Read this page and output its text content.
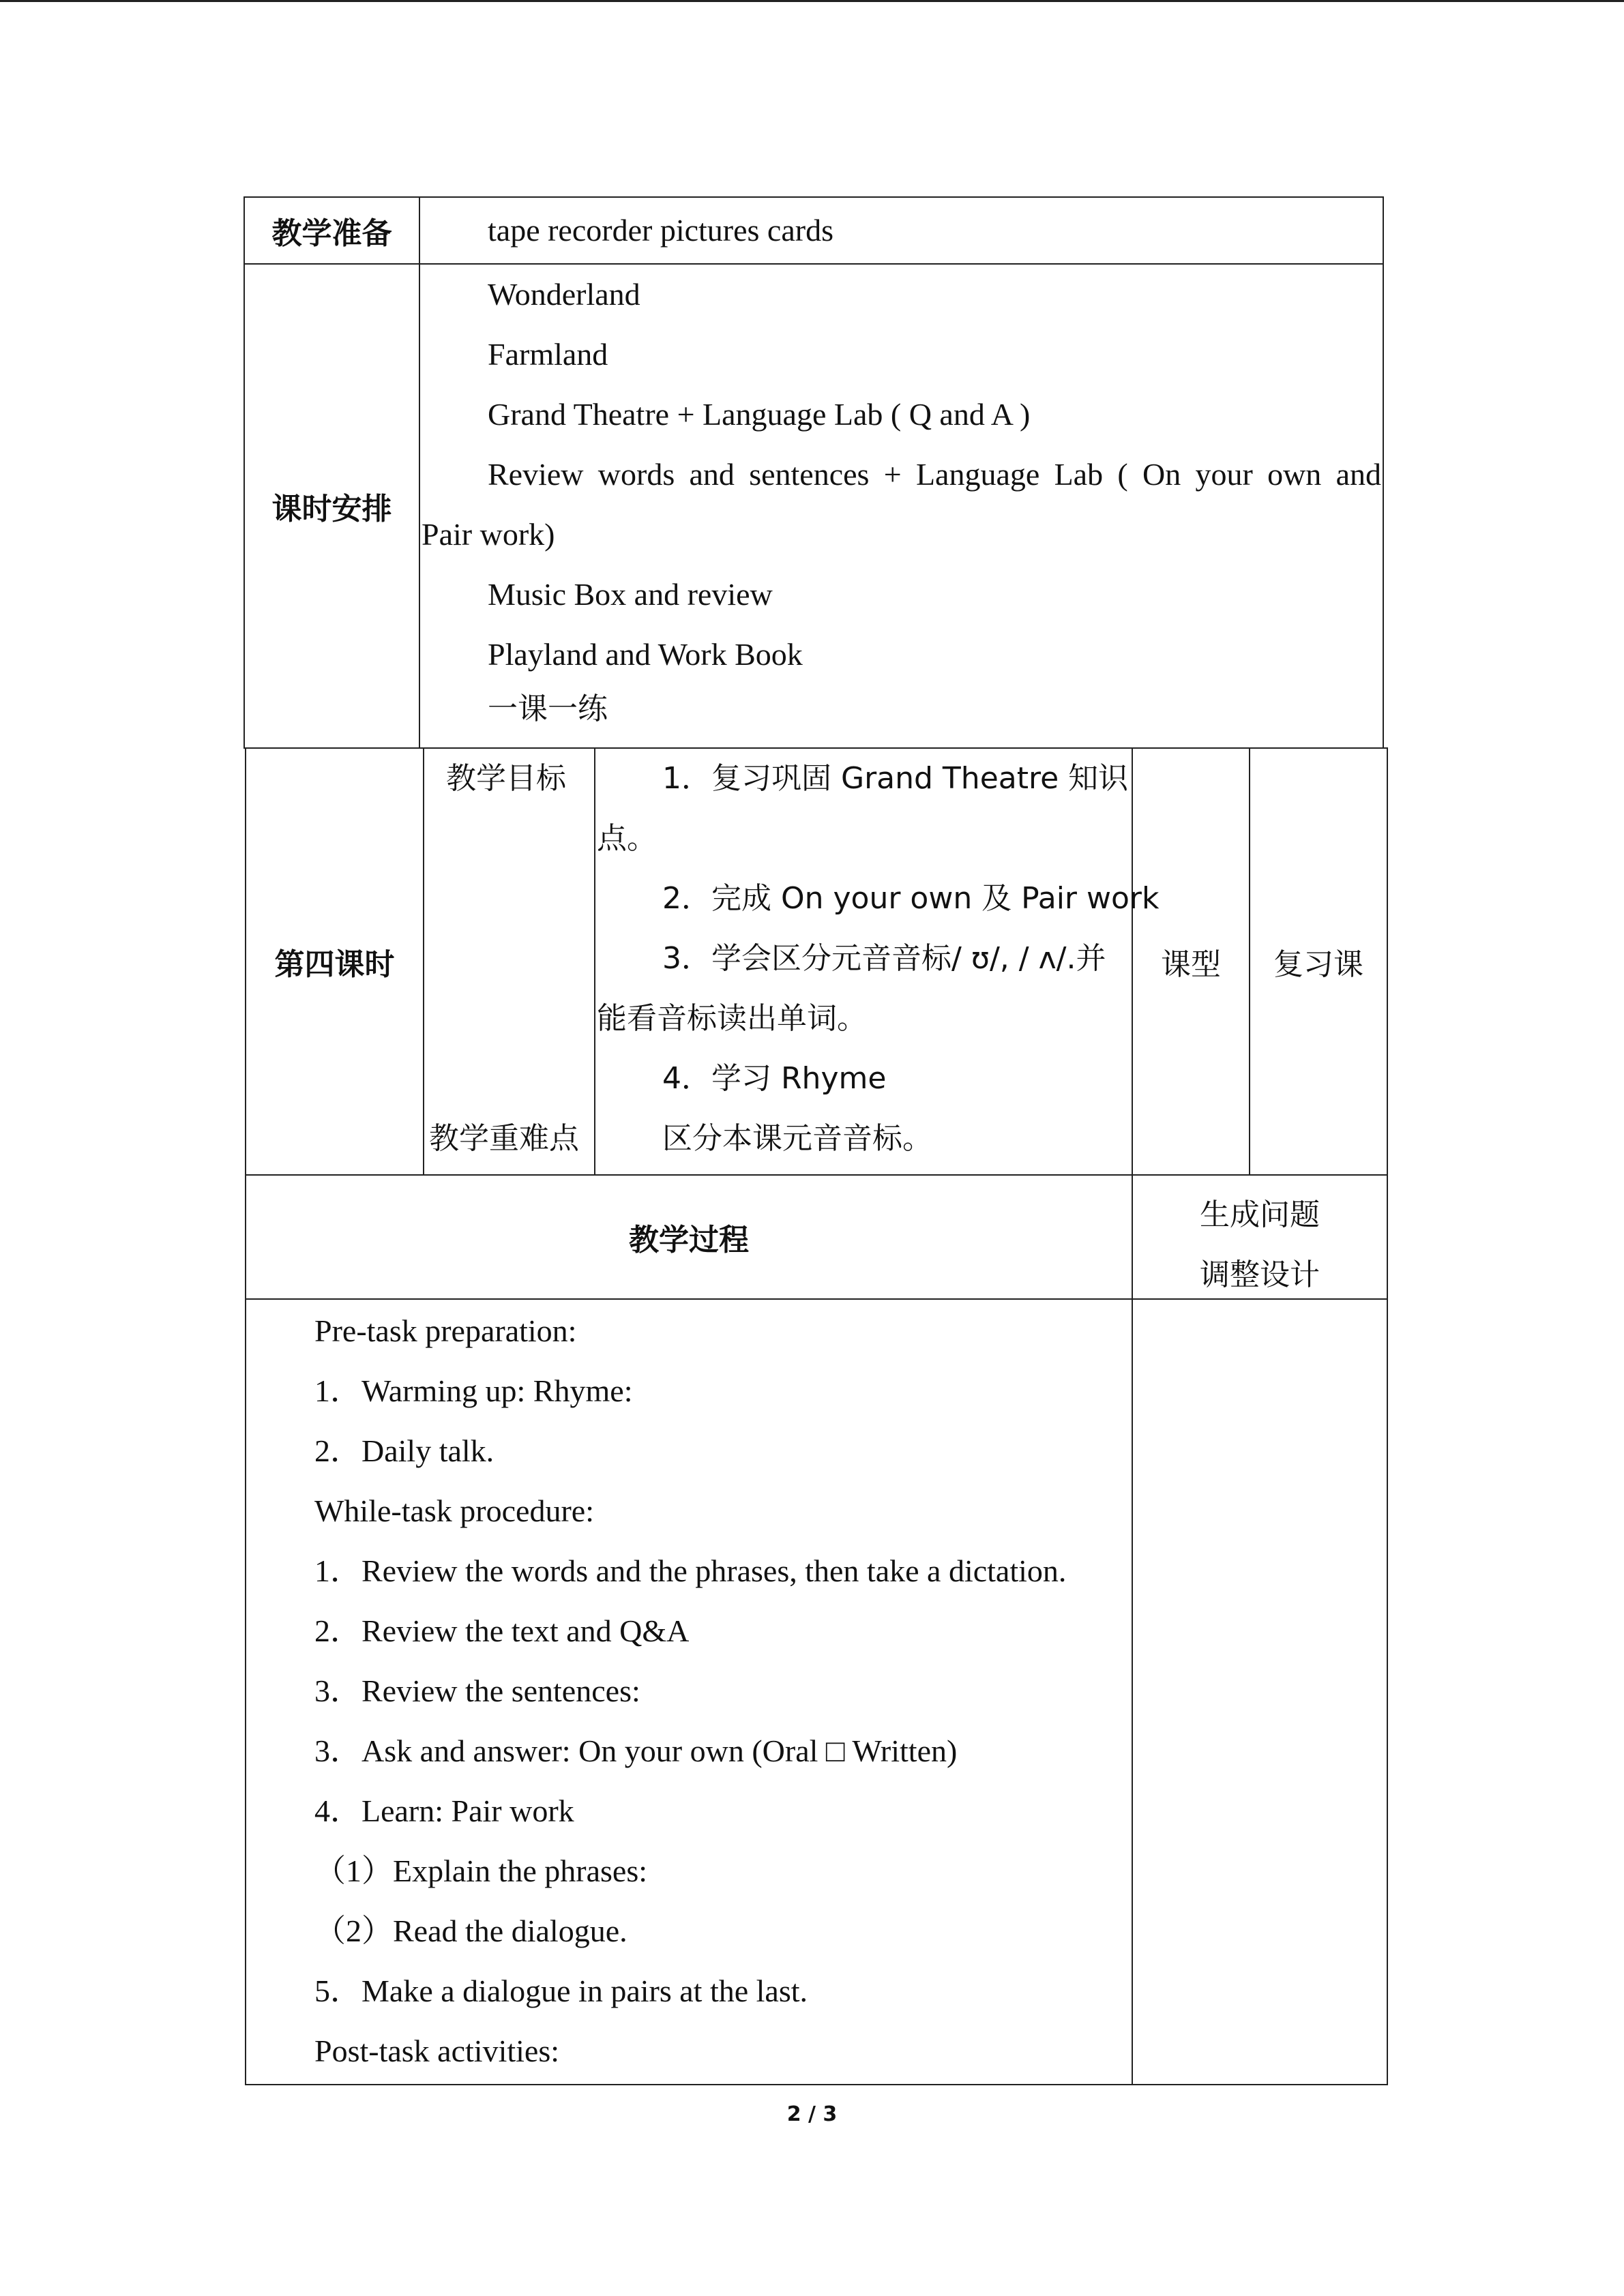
教学准备	tape recorder pictures cards
课时安排
Wonderland
Farmland
Grand Theatre + Language Lab ( Q and A )
Review words and sentences + Language Lab ( On your own and
Pair work)
Music Box and review
Playland and Work Book
一课一练
第四课时
教学目标
教学重难点
1．复习巩固 Grand Theatre 知识
点。
2．完成 On your own 及 Pair work
3．学会区分元音音标/ ʊ/, / ʌ/.并
能看音标读出单词。
4．学习 Rhyme
区分本课元音音标。
课型	复习课
教学过程
生成问题
调整设计
Pre-task preparation:
1．Warming up: Rhyme:
2．Daily talk.
While-task procedure:
1．Review the words and the phrases, then take a dictation.
2．Review the text and Q&A
3．Review the sentences:
3．Ask and answer: On your own (Oral □ Written)
4．Learn: Pair work
（1）Explain the phrases:
（2）Read the dialogue.
5．Make a dialogue in pairs at the last.
Post-task activities:
2 / 3
